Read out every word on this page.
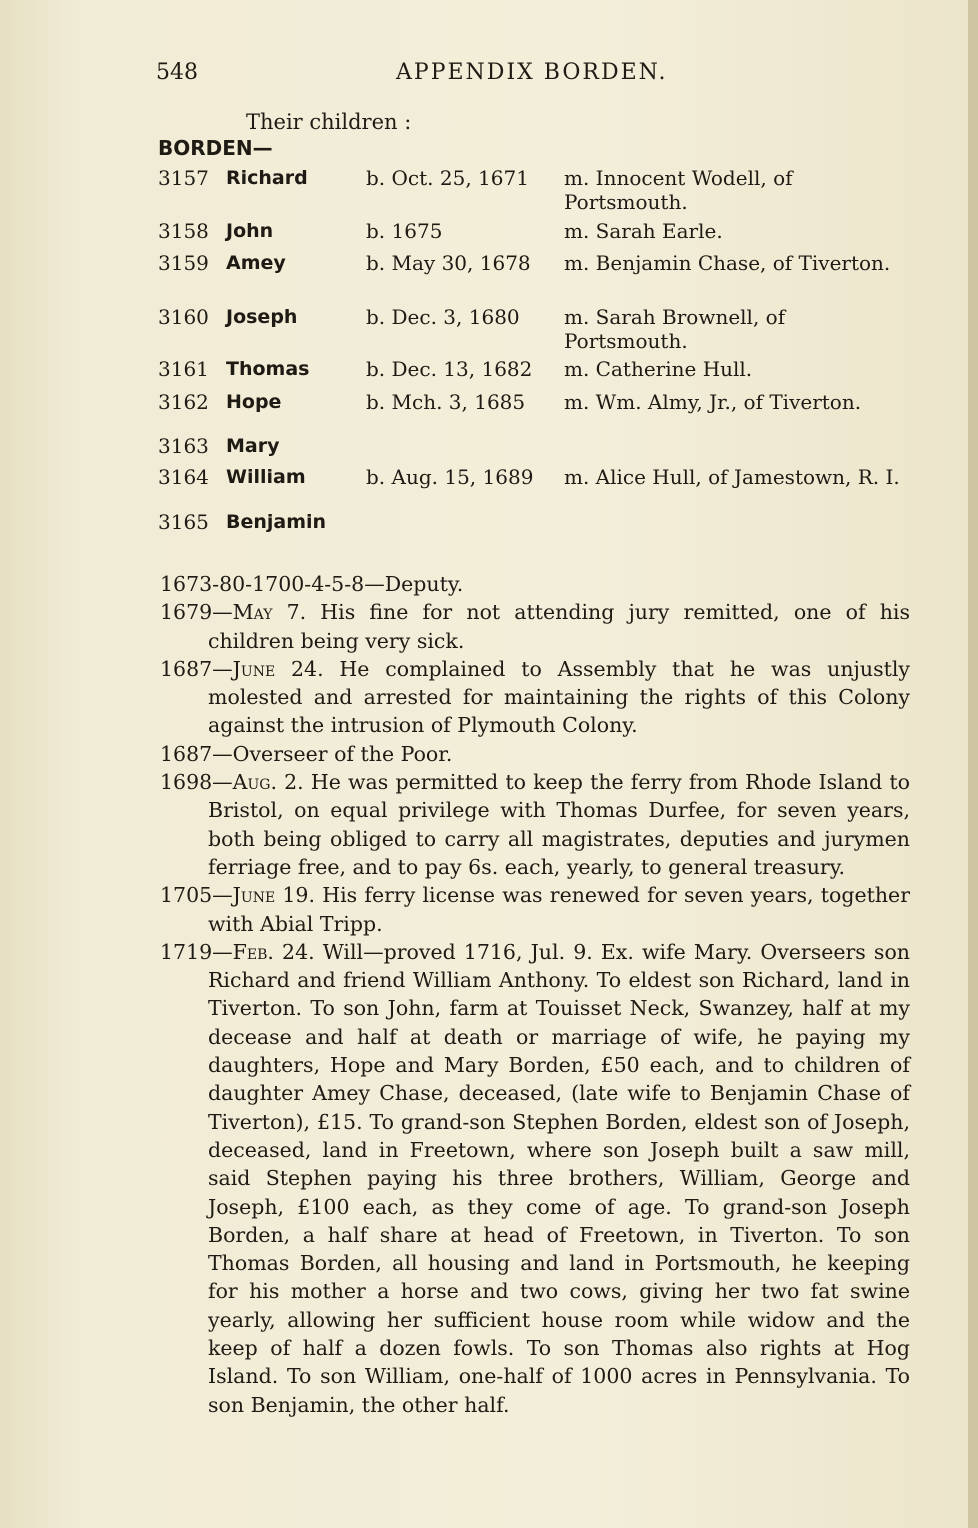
548	APPENDIX BORDEN.
Their children :
BORDEN—
3157 Richard	b. Oct. 25, 1671	m. Innocent Wodell, of Portsmouth.
3158 John	b. 1675	m. Sarah Earle.
3159 Amey	b. May 30, 1678	m. Benjamin Chase, of Tiverton.
3160 Joseph	b. Dec. 3, 1680	m. Sarah Brownell, of Portsmouth.
3161 Thomas	b. Dec. 13, 1682	m. Catherine Hull.
3162 Hope	b. Mch. 3, 1685	m. Wm. Almy, Jr., of Tiverton.
3163 Mary
3164 William	b. Aug. 15, 1689	m. Alice Hull, of Jamestown, R. I.
3165 Benjamin
1673-80-1700-4-5-8—Deputy.
1679—May 7. His fine for not attending jury remitted, one of his children being very sick.
1687—June 24. He complained to Assembly that he was unjustly molested and arrested for maintaining the rights of this Colony against the intrusion of Plymouth Colony.
1687—Overseer of the Poor.
1698—Aug. 2. He was permitted to keep the ferry from Rhode Island to Bristol, on equal privilege with Thomas Durfee, for seven years, both being obliged to carry all magistrates, deputies and jurymen ferriage free, and to pay 6s. each, yearly, to general treasury.
1705—June 19. His ferry license was renewed for seven years, together with Abial Tripp.
1719—Feb. 24. Will—proved 1716, Jul. 9. Ex. wife Mary. Overseers son Richard and friend William Anthony. To eldest son Richard, land in Tiverton. To son John, farm at Touisset Neck, Swanzey, half at my decease and half at death or marriage of wife, he paying my daughters, Hope and Mary Borden, £50 each, and to children of daughter Amey Chase, deceased, (late wife to Benjamin Chase of Tiverton), £15. To grand-son Stephen Borden, eldest son of Joseph, deceased, land in Freetown, where son Joseph built a saw mill, said Stephen paying his three brothers, William, George and Joseph, £100 each, as they come of age. To grand-son Joseph Borden, a half share at head of Freetown, in Tiverton. To son Thomas Borden, all housing and land in Portsmouth, he keeping for his mother a horse and two cows, giving her two fat swine yearly, allowing her sufficient house room while widow and the keep of half a dozen fowls. To son Thomas also rights at Hog Island. To son William, one-half of 1000 acres in Pennsylvania. To son Benjamin, the other half.
